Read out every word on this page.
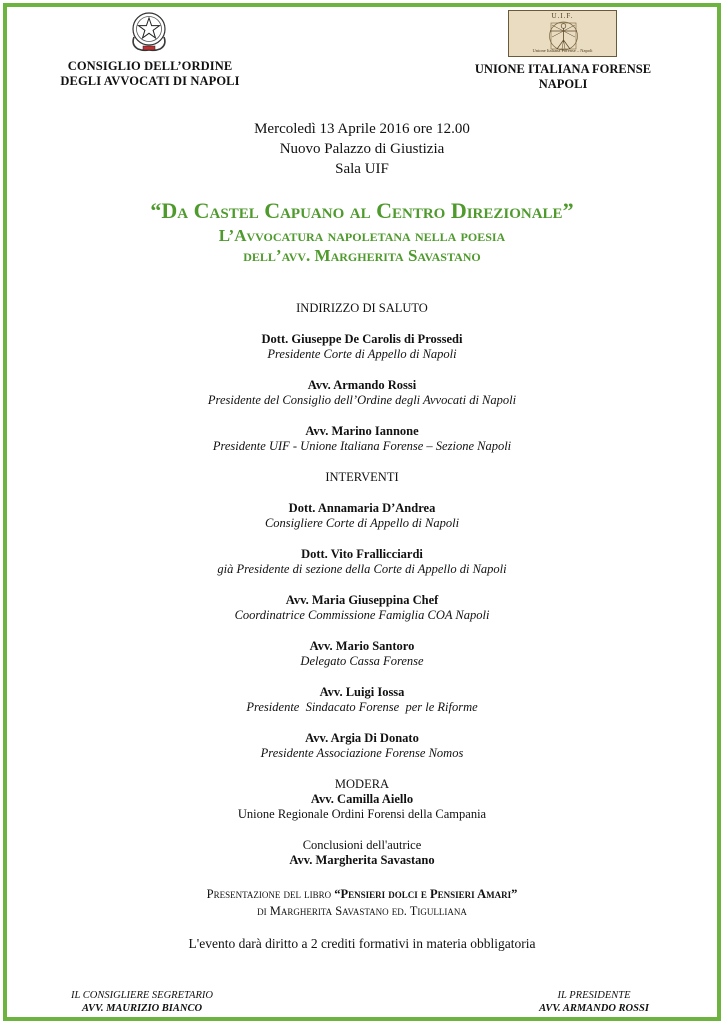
CONSIGLIO DELL’ORDINE
DEGLI AVVOCATI DI NAPOLI
U.I.F.
Unione Italiana Forense – Napoli
UNIONE ITALIANA FORENSE
NAPOLI
Mercoledì 13 Aprile 2016 ore 12.00
Nuovo Palazzo di Giustizia
Sala UIF
“Da Castel Capuano al Centro Direzionale”
L’Avvocatura napoletana nella poesia
dell’avv. Margherita Savastano
INDIRIZZO DI SALUTO
Dott. Giuseppe De Carolis di Prossedi
Presidente Corte di Appello di Napoli
Avv. Armando Rossi
Presidente del Consiglio dell’Ordine degli Avvocati di Napoli
Avv. Marino Iannone
Presidente UIF - Unione Italiana Forense – Sezione Napoli
INTERVENTI
Dott. Annamaria D’Andrea
Consigliere Corte di Appello di Napoli
Dott. Vito Frallicciardi
già Presidente di sezione della Corte di Appello di Napoli
Avv. Maria Giuseppina Chef
Coordinatrice Commissione Famiglia COA Napoli
Avv. Mario Santoro
Delegato Cassa Forense
Avv. Luigi Iossa
Presidente  Sindacato Forense  per le Riforme
Avv. Argia Di Donato
Presidente Associazione Forense Nomos
MODERA
Avv. Camilla Aiello
Unione Regionale Ordini Forensi della Campania
Conclusioni dell'autrice
Avv. Margherita Savastano
Presentazione del libro “Pensieri dolci e Pensieri Amari”
di Margherita Savastano ed. Tigulliana
L'evento darà diritto a 2 crediti formativi in materia obbligatoria
IL CONSIGLIERE SEGRETARIO
AVV. MAURIZIO BIANCO
IL PRESIDENTE
AVV. ARMANDO ROSSI
